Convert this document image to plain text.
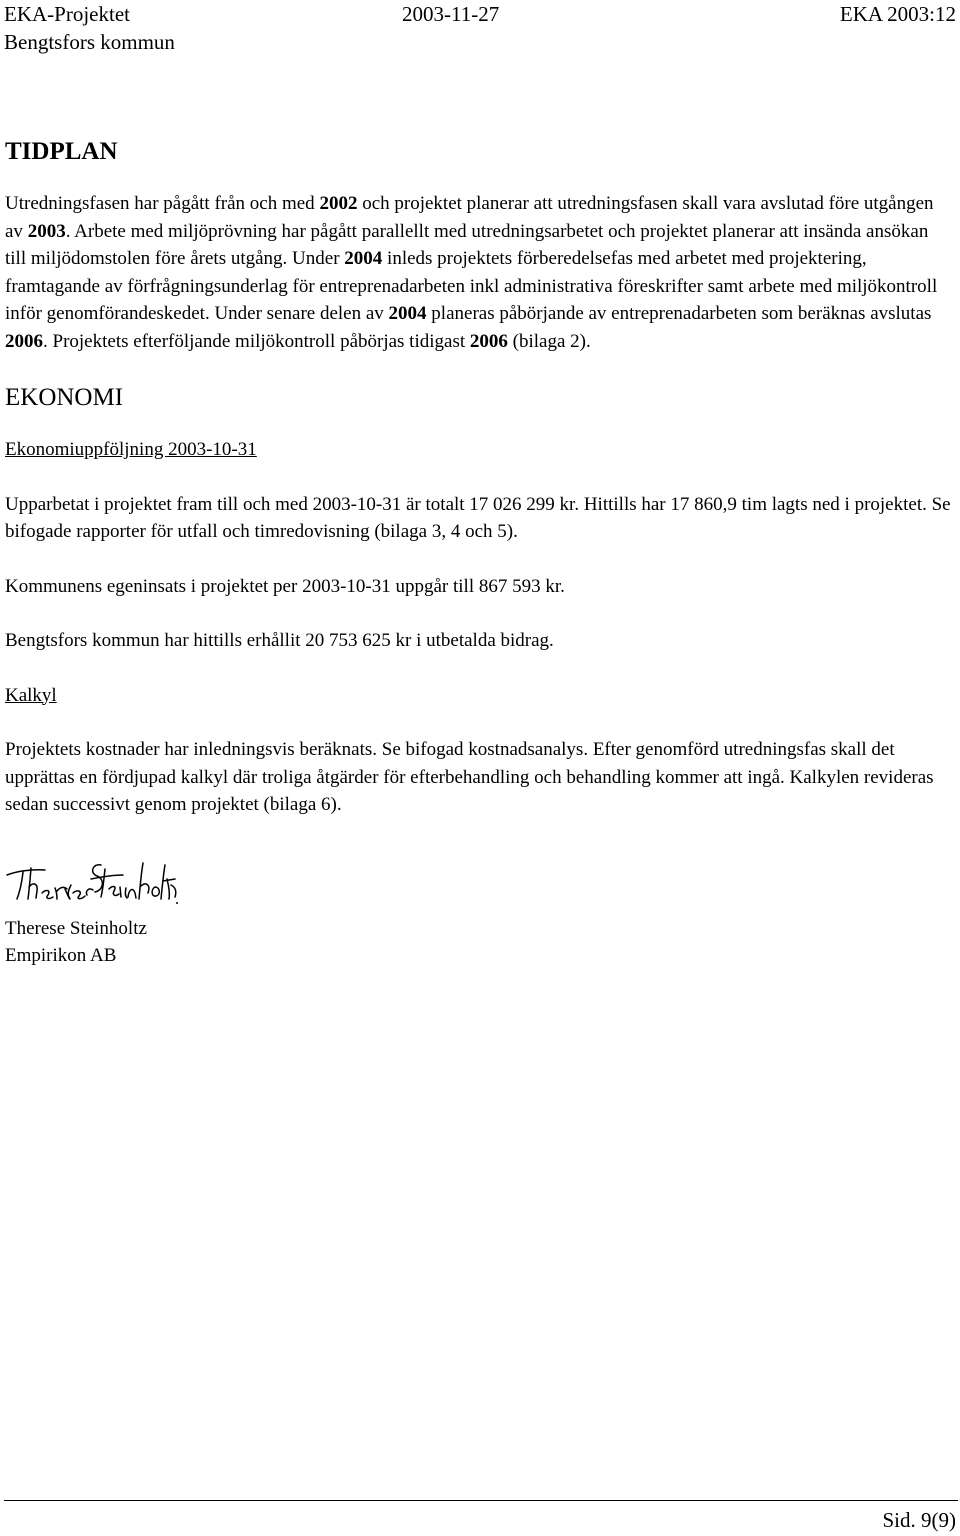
EKA-Projektet	2003-11-27	EKA 2003:12
Bengtsfors kommun
TIDPLAN

Utredningsfasen har pågått från och med 2002 och projektet planerar att utredningsfasen skall vara avslutad före utgången av 2003. Arbete med miljöprövning har pågått parallellt med utredningsarbetet och projektet planerar att insända ansökan till miljödomstolen före årets utgång. Under 2004 inleds projektets förberedelsefas med arbetet med projektering, framtagande av förfrågningsunderlag för entreprenadarbeten inkl administrativa föreskrifter samt arbete med miljökontroll inför genomförandeskedet. Under senare delen av 2004 planeras påbörjande av entreprenadarbeten som beräknas avslutas 2006. Projektets efterföljande miljökontroll påbörjas tidigast 2006 (bilaga 2).

EKONOMI

Ekonomiuppföljning 2003-10-31

Upparbetat i projektet fram till och med 2003-10-31 är totalt 17 026 299 kr. Hittills har 17 860,9 tim lagts ned i projektet. Se bifogade rapporter för utfall och timredovisning (bilaga 3, 4 och 5).

Kommunens egeninsats i projektet per 2003-10-31 uppgår till 867 593 kr.

Bengtsfors kommun har hittills erhållit 20 753 625 kr i utbetalda bidrag.

Kalkyl

Projektets kostnader har inledningsvis beräknats. Se bifogad kostnadsanalys. Efter genomförd utredningsfas skall det upprättas en fördjupad kalkyl där troliga åtgärder för efterbehandling och behandling kommer att ingå. Kalkylen revideras sedan successivt genom projektet (bilaga 6).

Therese Steinholtz
Empirikon AB
Sid. 9(9)
